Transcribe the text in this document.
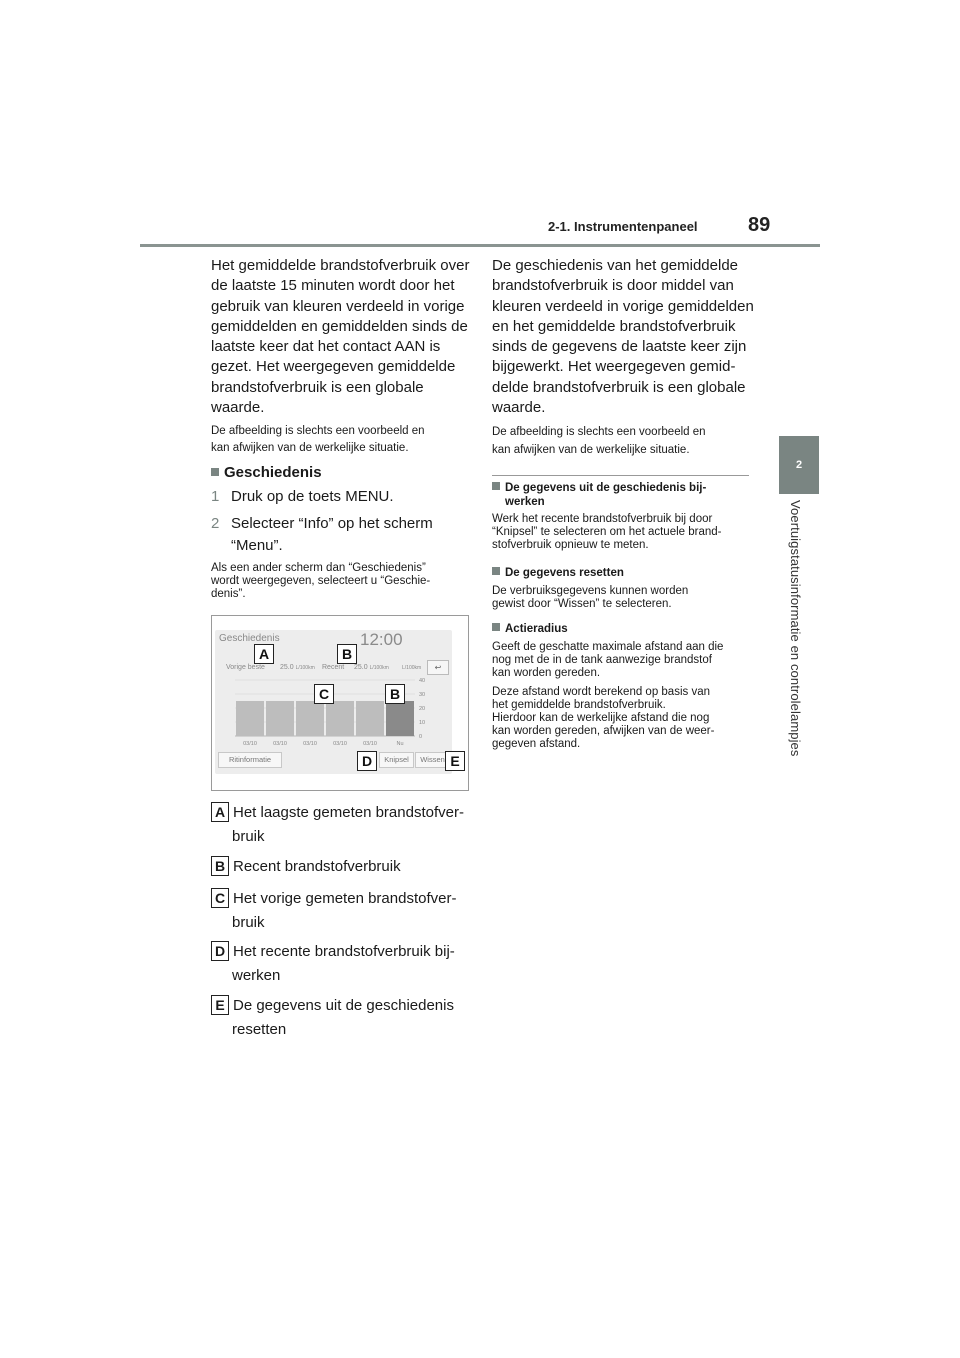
2-1. Instrumentenpaneel	89
2
Voertuigstatusinformatie en controlelampjes
Het gemiddelde brandstofverbruik over
de laatste 15 minuten wordt door het
gebruik van kleuren verdeeld in vorige
gemiddelden en gemiddelden sinds de
laatste keer dat het contact AAN is
gezet. Het weergegeven gemiddelde
brandstofverbruik is een globale
waarde.
De afbeelding is slechts een voorbeeld en
kan afwijken van de werkelijke situatie.
Geschiedenis
1 Druk op de toets MENU.
2 Selecteer “Info” op het scherm
“Menu”.
Als een ander scherm dan “Geschiedenis”
wordt weergegeven, selecteert u “Geschie-
denis”.
Geschiedenis	12:00
Vorige beste 25.0 L/100km Recent 25.0 L/100km	L/100km	↩
40
30
20
10
0
03/10	03/10	03/10	03/10	03/10	Nu
Ritinformatie	Knipsel	Wissen
A	B
C	B
D	E
A Het laagste gemeten brandstofver-
bruik
B Recent brandstofverbruik
C Het vorige gemeten brandstofver-
bruik
D Het recente brandstofverbruik bij-
werken
E De gegevens uit de geschiedenis
resetten
De geschiedenis van het gemiddelde
brandstofverbruik is door middel van
kleuren verdeeld in vorige gemiddelden
en het gemiddelde brandstofverbruik
sinds de gegevens de laatste keer zijn
bijgewerkt. Het weergegeven gemid-
delde brandstofverbruik is een globale
waarde.
De afbeelding is slechts een voorbeeld en
kan afwijken van de werkelijke situatie.
De gegevens uit de geschiedenis bij-
werken
Werk het recente brandstofverbruik bij door
“Knipsel” te selecteren om het actuele brand-
stofverbruik opnieuw te meten.
De gegevens resetten
De verbruiksgegevens kunnen worden
gewist door “Wissen” te selecteren.
Actieradius
Geeft de geschatte maximale afstand aan die
nog met de in de tank aanwezige brandstof
kan worden gereden.
Deze afstand wordt berekend op basis van
het gemiddelde brandstofverbruik.
Hierdoor kan de werkelijke afstand die nog
kan worden gereden, afwijken van de weer-
gegeven afstand.
